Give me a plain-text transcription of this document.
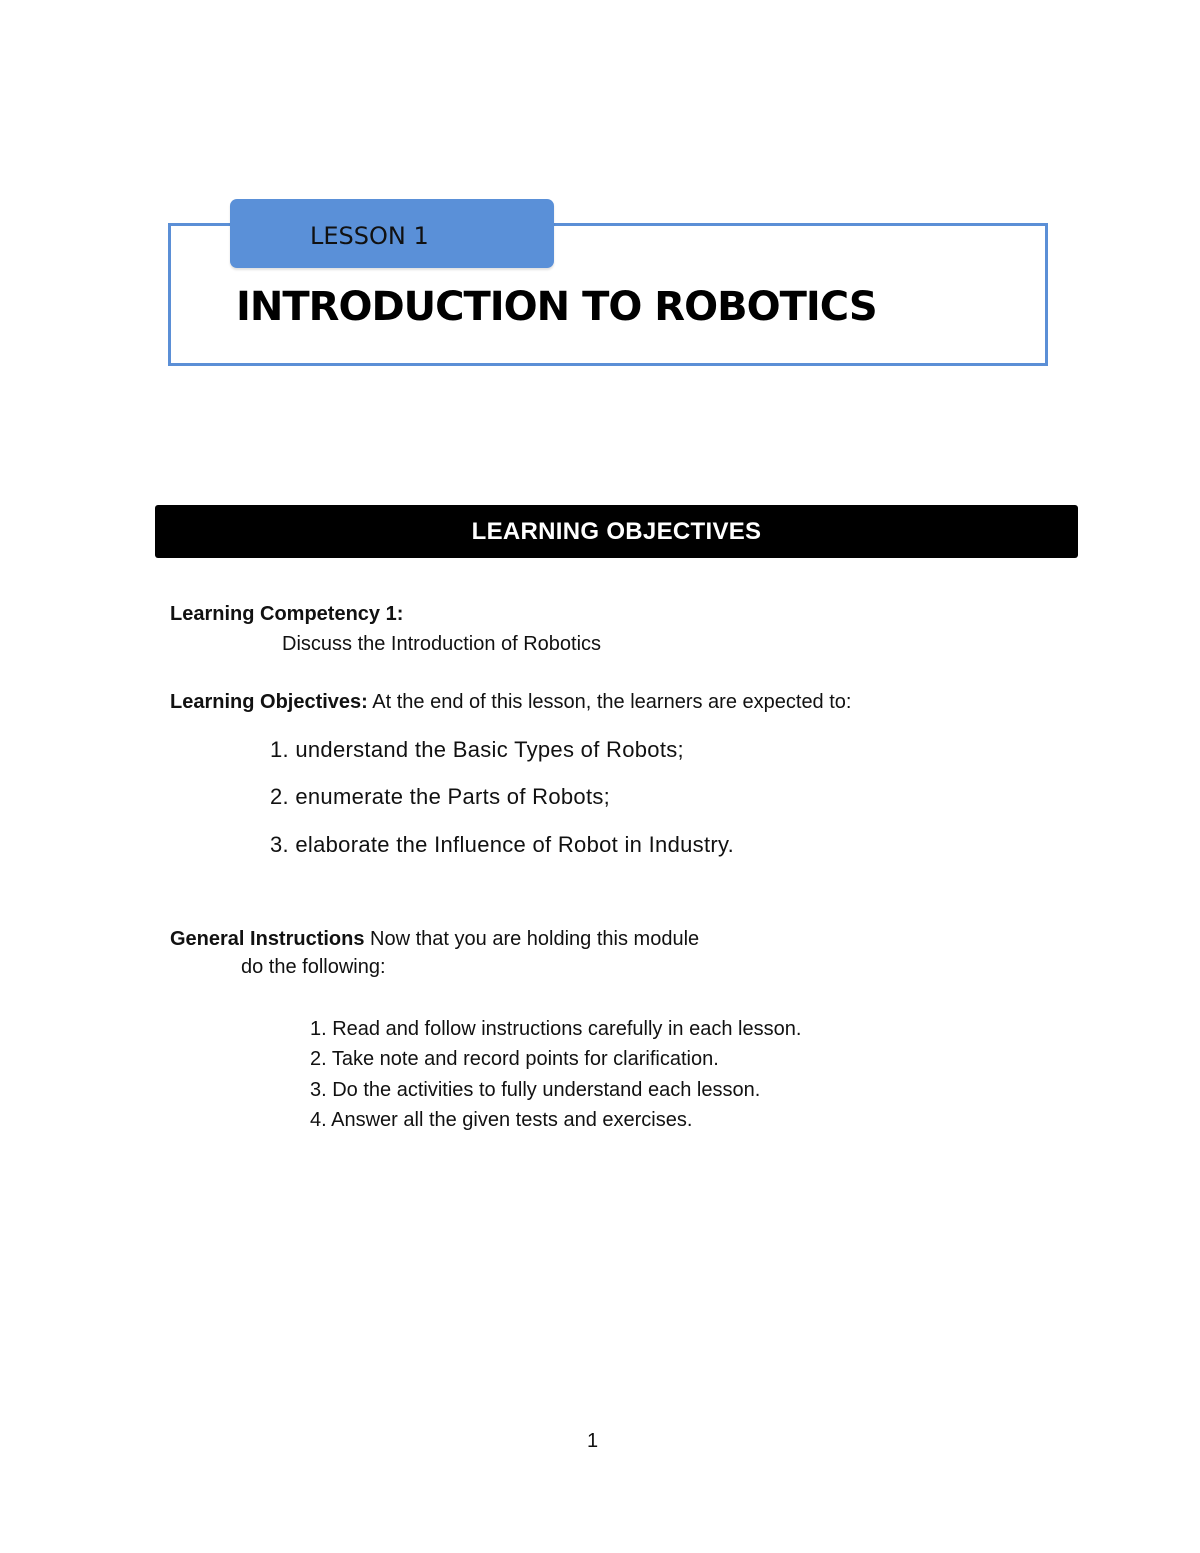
LESSON 1
INTRODUCTION TO ROBOTICS
LEARNING OBJECTIVES
Learning Competency 1:
Discuss the Introduction of Robotics
Learning Objectives: At the end of this lesson, the learners are expected to:
1. understand the Basic Types of Robots;
2. enumerate the Parts of Robots;
3. elaborate the Influence of Robot in Industry.
General Instructions Now that you are holding this module
do the following:
1. Read and follow instructions carefully in each lesson.
2. Take note and record points for clarification.
3. Do the activities to fully understand each lesson.
4. Answer all the given tests and exercises.
1
